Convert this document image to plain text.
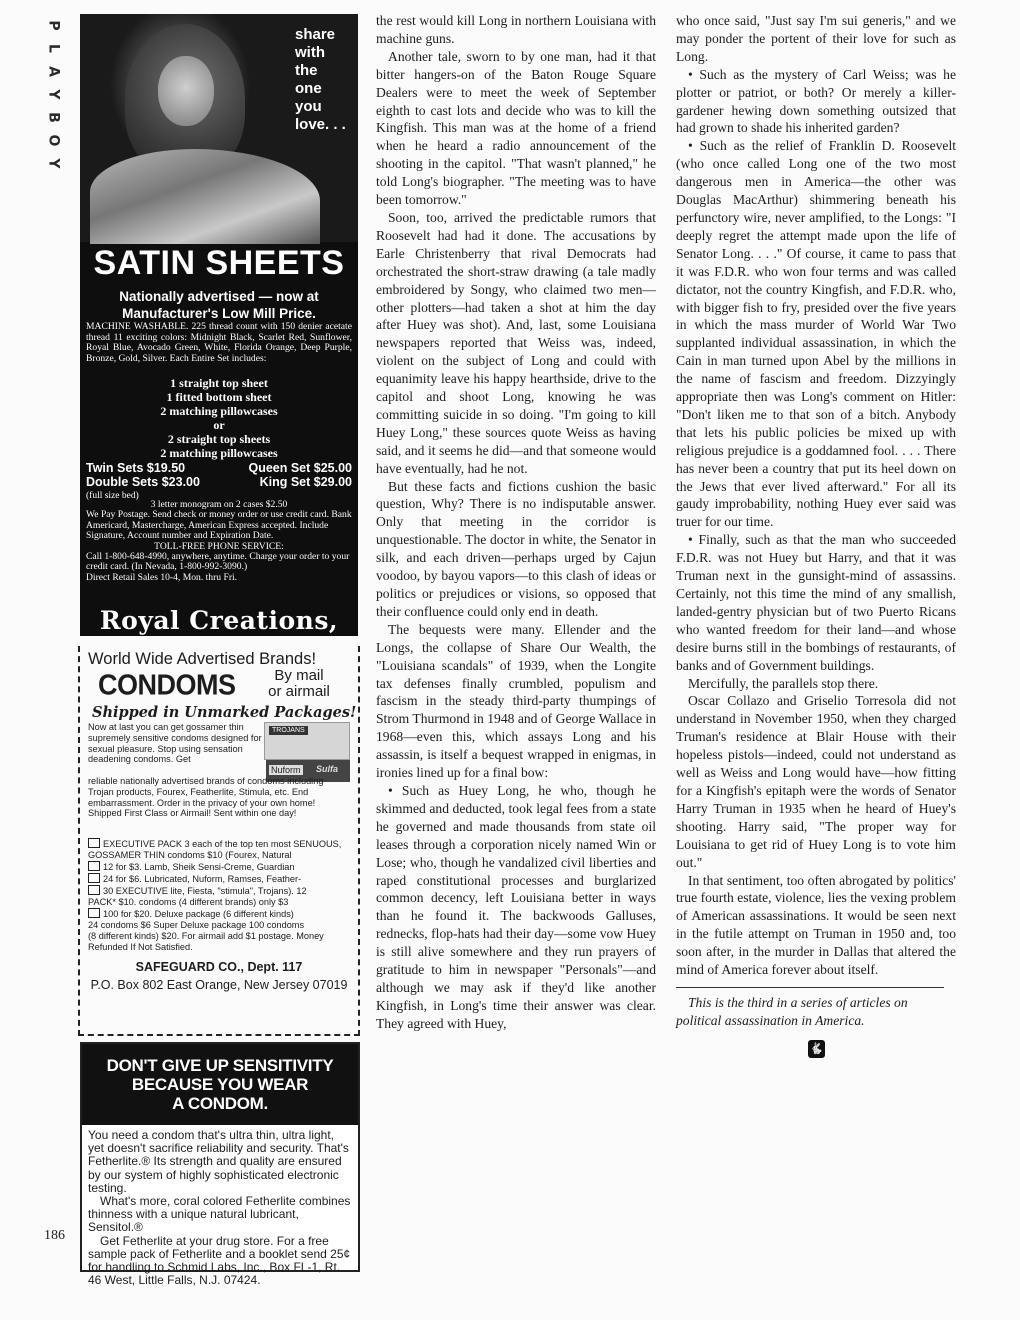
P
L
A
Y
B
O
Y
186
share
with
the
one
you
love. . .
SATIN SHEETS
Nationally advertised — now at
Manufacturer's Low Mill Price.
MACHINE WASHABLE. 225 thread count with 150 denier acetate thread 11 exciting colors: Midnight Black, Scarlet Red, Sunflower, Royal Blue, Avocado Green, White, Florida Orange, Deep Purple, Bronze, Gold, Silver. Each Entire Set includes:
1 straight top sheet
1 fitted bottom sheet
2 matching pillowcases
or
2 straight top sheets
2 matching pillowcases
Twin Sets $19.50	Queen Set $25.00
Double Sets $23.00	King Set $29.00
(full size bed)
3 letter monogram on 2 cases $2.50
We Pay Postage. Send check or money order or use credit card. Bank Americard, Mastercharge, American Express accepted. Include Signature, Account number and Expiration Date.
TOLL-FREE PHONE SERVICE:
Call 1-800-648-4990, anywhere, anytime. Charge your order to your credit card. (In Nevada, 1-800-992-3090.)
Direct Retail Sales 10-4, Mon. thru Fri.
Royal Creations,
World Wide Advertised Brands!
CONDOMS	By mail
or airmail
Shipped in Unmarked Packages!
Now at last you can get gossamer thin supremely sensitive condoms designed for sexual pleasure. Stop using sensation deadening condoms. Get
TROJANS
Nuform Sulfa
reliable nationally advertised brands of condoms including Trojan products, Fourex, Featherlite, Stimula, etc. End embarrassment. Order in the privacy of your own home! Shipped First Class or Airmail! Sent within one day!
EXECUTIVE PACK 3 each of the top ten most SENUOUS, GOSSAMER THIN condoms $10 (Fourex, Natural
12 for $3. Lamb, Sheik Sensi-Creme, Guardian
24 for $6. Lubricated, Nuform, Ramses, Feather-
30 EXECUTIVE lite, Fiesta, "stimula", Trojans). 12
PACK* $10. condoms (4 different brands) only $3
100 for $20. Deluxe package (6 different kinds)
24 condoms $6 Super Deluxe package 100 condoms
(8 different kinds) $20. For airmail add $1 postage. Money Refunded If Not Satisfied.
SAFEGUARD CO., Dept. 117
P.O. Box 802 East Orange, New Jersey 07019
DON'T GIVE UP SENSITIVITY
BECAUSE YOU WEAR
A CONDOM.

You need a condom that's ultra thin, ultra light, yet doesn't sacrifice reliability and security. That's Fetherlite.® Its strength and quality are ensured by our system of highly sophisticated electronic testing.

What's more, coral colored Fetherlite combines thinness with a unique natural lubricant, Sensitol.®

Get Fetherlite at your drug store. For a free sample pack of Fetherlite and a booklet send 25¢ for handling to Schmid Labs, Inc., Box FL-1, Rt. 46 West, Little Falls, N.J. 07424.

the rest would kill Long in northern Louisiana with machine guns.

Another tale, sworn to by one man, had it that bitter hangers-on of the Baton Rouge Square Dealers were to meet the week of September eighth to cast lots and decide who was to kill the Kingfish. This man was at the home of a friend when he heard a radio announcement of the shooting in the capitol. "That wasn't planned," he told Long's biographer. "The meeting was to have been tomorrow."

Soon, too, arrived the predictable rumors that Roosevelt had had it done. The accusations by Earle Christenberry that rival Democrats had orchestrated the short-straw drawing (a tale madly embroidered by Songy, who claimed two men—other plotters—had taken a shot at him the day after Huey was shot). And, last, some Louisiana newspapers reported that Weiss was, indeed, violent on the subject of Long and could with equanimity leave his happy hearthside, drive to the capitol and shoot Long, knowing he was committing suicide in so doing. "I'm going to kill Huey Long," these sources quote Weiss as having said, and it seems he did—and that someone would have eventually, had he not.

But these facts and fictions cushion the basic question, Why? There is no indisputable answer. Only that meeting in the corridor is unquestionable. The doctor in white, the Senator in silk, and each driven—perhaps urged by Cajun voodoo, by bayou vapors—to this clash of ideas or politics or prejudices or visions, so opposed that their confluence could only end in death.

The bequests were many. Ellender and the Longs, the collapse of Share Our Wealth, the "Louisiana scandals" of 1939, when the Longite tax defenses finally crumbled, populism and fascism in the steady third-party thumpings of Strom Thurmond in 1948 and of George Wallace in 1968—even this, which assays Long and his assassin, is itself a bequest wrapped in enigmas, in ironies lined up for a final bow:

• Such as Huey Long, he who, though he skimmed and deducted, took legal fees from a state he governed and made thousands from state oil leases through a corporation nicely named Win or Lose; who, though he vandalized civil liberties and raped constitutional processes and burglarized common decency, left Louisiana better in ways than he found it. The backwoods Galluses, rednecks, flop-hats had their day—some vow Huey is still alive somewhere and they run prayers of gratitude to him in newspaper "Personals"—and although we may ask if they'd like another Kingfish, in Long's time their answer was clear. They agreed with Huey,

who once said, "Just say I'm sui generis," and we may ponder the portent of their love for such as Long.

• Such as the mystery of Carl Weiss; was he plotter or patriot, or both? Or merely a killer-gardener hewing down something outsized that had grown to shade his inherited garden?

• Such as the relief of Franklin D. Roosevelt (who once called Long one of the two most dangerous men in America—the other was Douglas MacArthur) shimmering beneath his perfunctory wire, never amplified, to the Longs: "I deeply regret the attempt made upon the life of Senator Long. . . ." Of course, it came to pass that it was F.D.R. who won four terms and was called dictator, not the country Kingfish, and F.D.R. who, with bigger fish to fry, presided over the five years in which the mass murder of World War Two supplanted individual assassination, in which the Cain in man turned upon Abel by the millions in the name of fascism and freedom. Dizzyingly appropriate then was Long's comment on Hitler: "Don't liken me to that son of a bitch. Anybody that lets his public policies be mixed up with religious prejudice is a goddamned fool. . . . There has never been a country that put its heel down on the Jews that ever lived afterward." For all its gaudy improbability, nothing Huey ever said was truer for our time.

• Finally, such as that the man who succeeded F.D.R. was not Huey but Harry, and that it was Truman next in the gunsight-mind of assassins. Certainly, not this time the mind of any smallish, landed-gentry physician but of two Puerto Ricans who wanted freedom for their land—and whose desire burns still in the bombings of restaurants, of banks and of Government buildings.

Mercifully, the parallels stop there.

Oscar Collazo and Griselio Torresola did not understand in November 1950, when they charged Truman's residence at Blair House with their hopeless pistols—indeed, could not understand as well as Weiss and Long would have—how fitting for a Kingfish's epitaph were the words of Senator Harry Truman in 1935 when he heard of Huey's shooting. Harry said, "The proper way for Louisiana to get rid of Huey Long is to vote him out."

In that sentiment, too often abrogated by politics' true fourth estate, violence, lies the vexing problem of American assassinations. It would be seen next in the futile attempt on Truman in 1950 and, too soon after, in the murder in Dallas that altered the mind of America forever about itself.

This is the third in a series of articles on political assassination in America.

🐇
